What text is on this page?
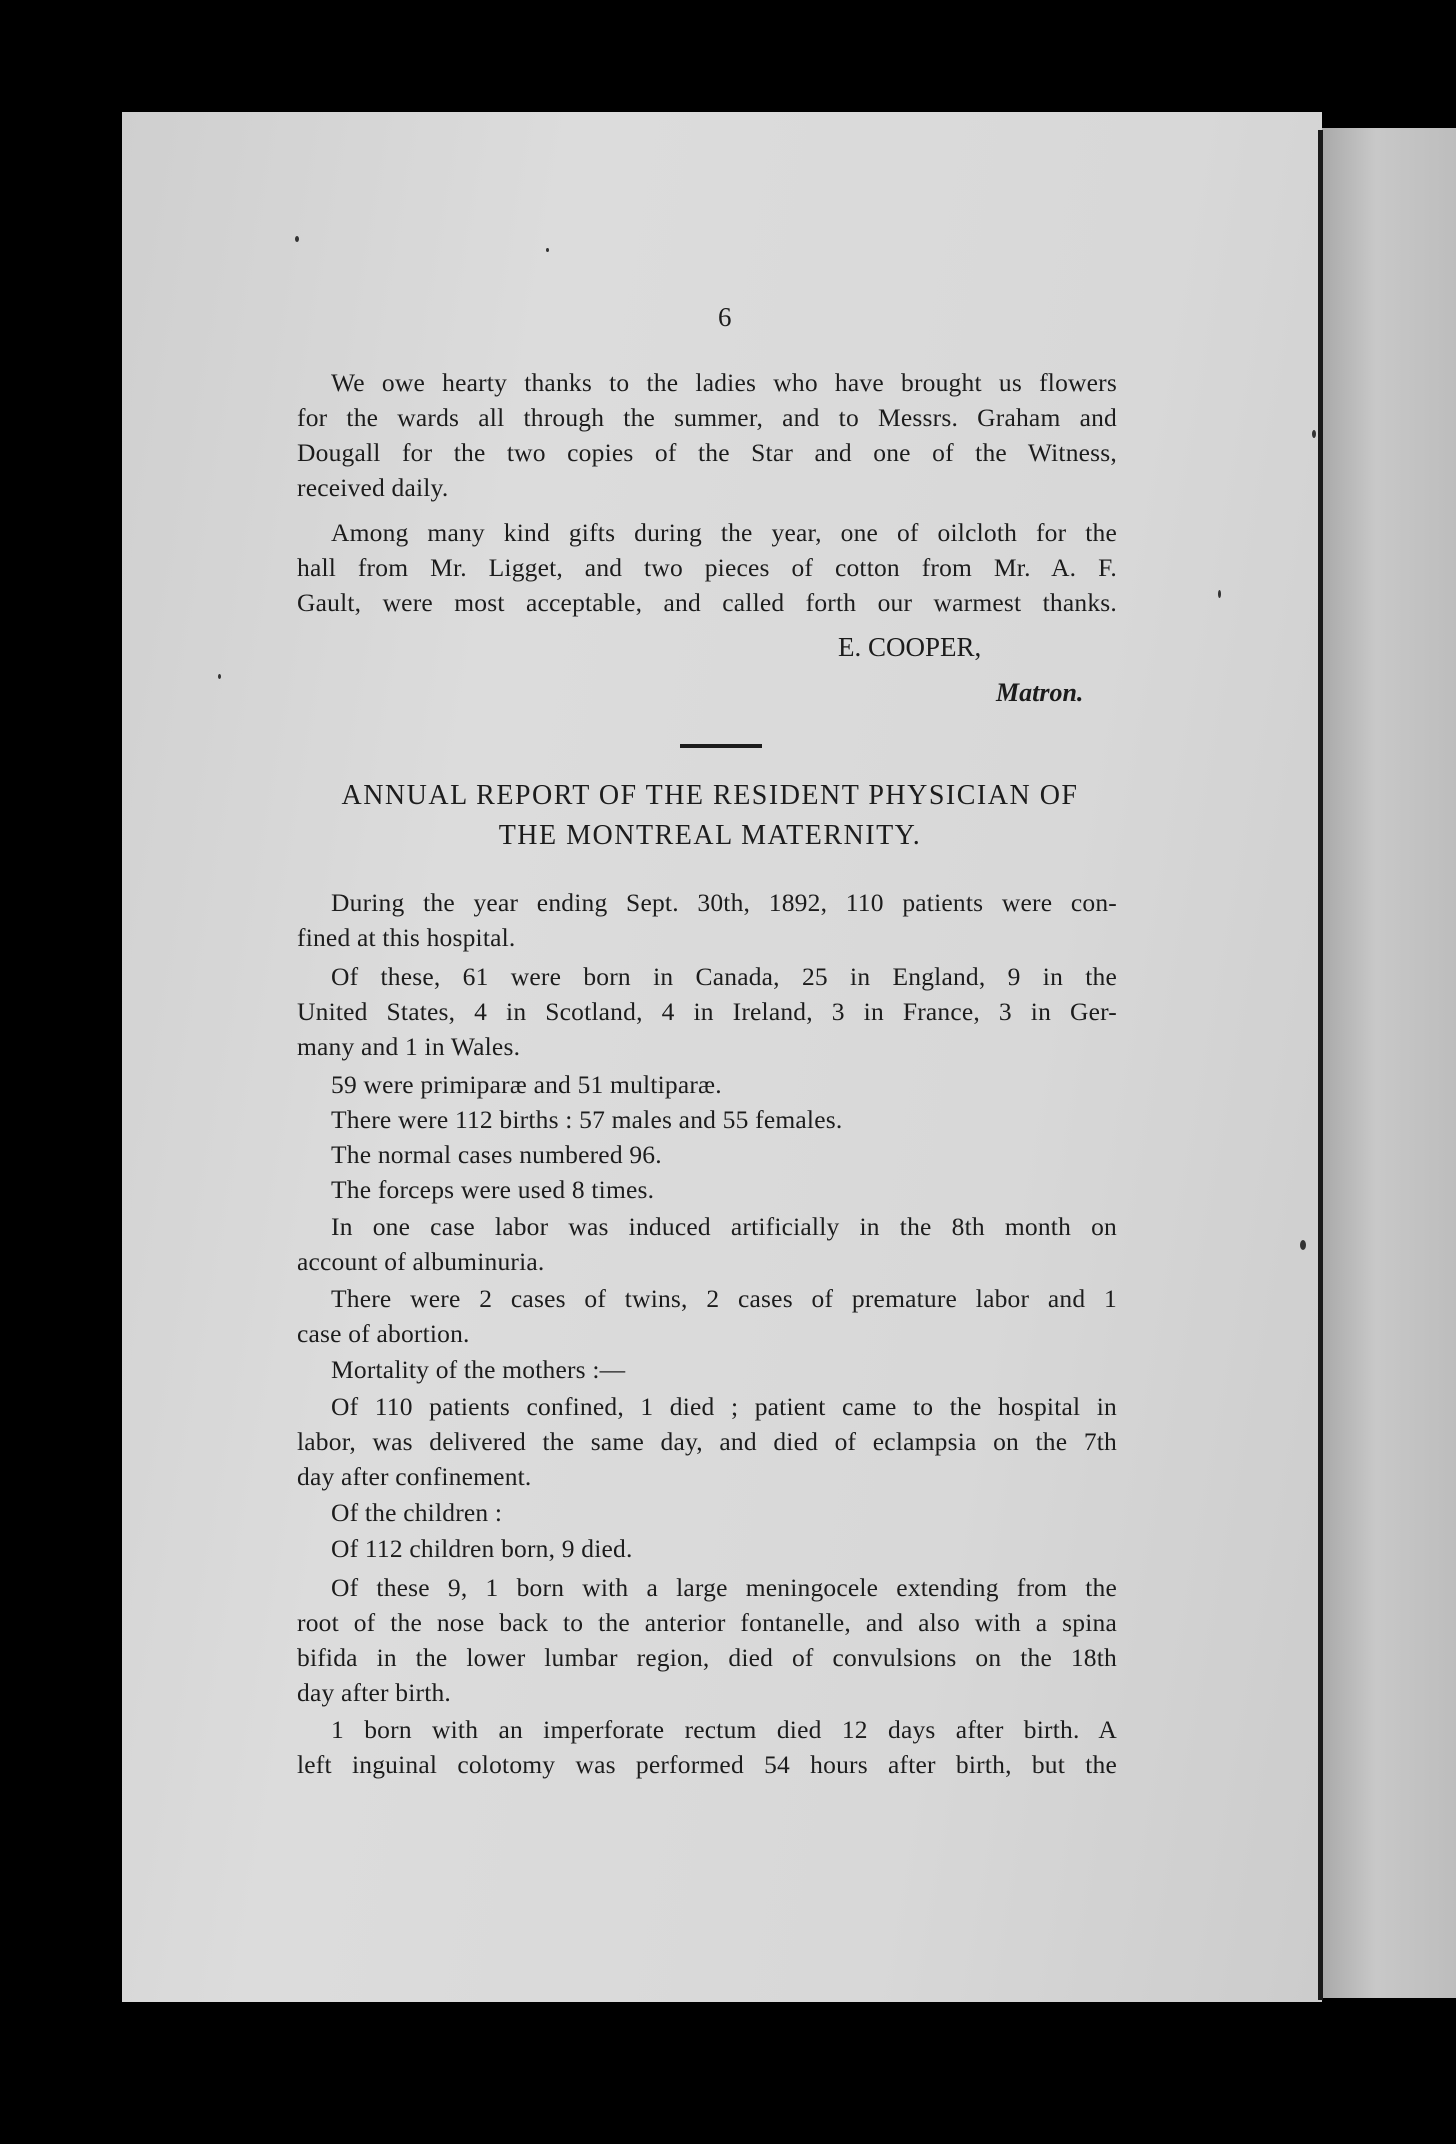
6
We owe hearty thanks to the ladies who have brought us flowers
for the wards all through the summer, and to Messrs. Graham and
Dougall for the two copies of the Star and one of the Witness,
received daily.
Among many kind gifts during the year, one of oilcloth for the
hall from Mr. Ligget, and two pieces of cotton from Mr. A. F.
Gault, were most acceptable, and called forth our warmest thanks.
E. COOPER,
Matron.
ANNUAL REPORT OF THE RESIDENT PHYSICIAN OF
THE MONTREAL MATERNITY.
During the year ending Sept. 30th, 1892, 110 patients were con-
fined at this hospital.
Of these, 61 were born in Canada, 25 in England, 9 in the
United States, 4 in Scotland, 4 in Ireland, 3 in France, 3 in Ger-
many and 1 in Wales.
59 were primiparæ and 51 multiparæ.
There were 112 births : 57 males and 55 females.
The normal cases numbered 96.
The forceps were used 8 times.
In one case labor was induced artificially in the 8th month on
account of albuminuria.
There were 2 cases of twins, 2 cases of premature labor and 1
case of abortion.
Mortality of the mothers :—
Of 110 patients confined, 1 died ; patient came to the hospital in
labor, was delivered the same day, and died of eclampsia on the 7th
day after confinement.
Of the children :
Of 112 children born, 9 died.
Of these 9, 1 born with a large meningocele extending from the
root of the nose back to the anterior fontanelle, and also with a spina
bifida in the lower lumbar region, died of convulsions on the 18th
day after birth.
1 born with an imperforate rectum died 12 days after birth. A
left inguinal colotomy was performed 54 hours after birth, but the
